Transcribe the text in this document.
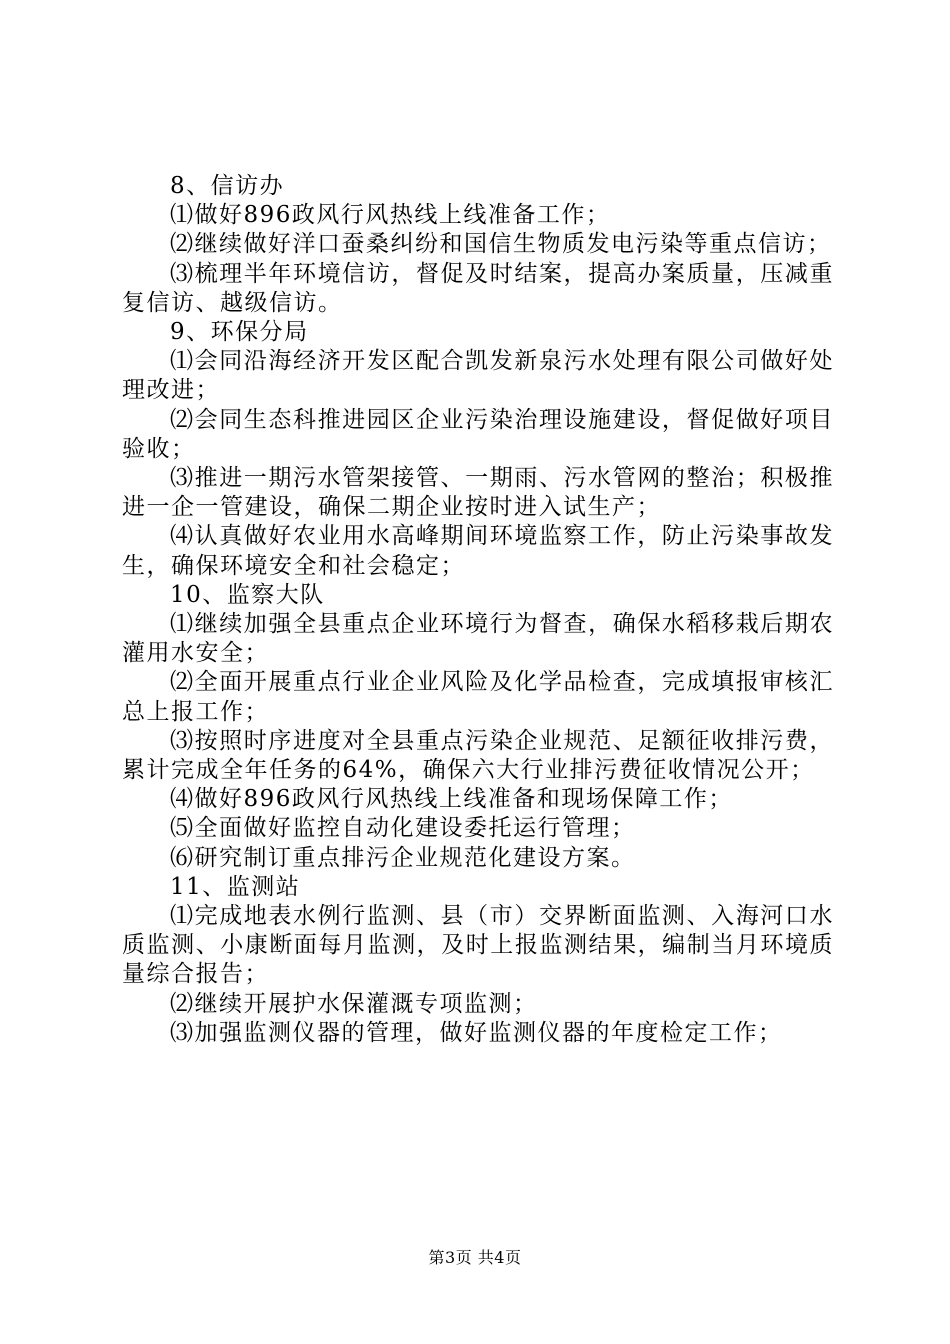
8、信访办

⑴做好896政风行风热线上线准备工作；

⑵继续做好洋口蚕桑纠纷和国信生物质发电污染等重点信访；

⑶梳理半年环境信访，督促及时结案，提高办案质量，压减重复信访、越级信访。

9、环保分局

⑴会同沿海经济开发区配合凯发新泉污水处理有限公司做好处理改进；

⑵会同生态科推进园区企业污染治理设施建设，督促做好项目验收；

⑶推进一期污水管架接管、一期雨、污水管网的整治；积极推进一企一管建设，确保二期企业按时进入试生产；

⑷认真做好农业用水高峰期间环境监察工作，防止污染事故发生，确保环境安全和社会稳定；

10、监察大队

⑴继续加强全县重点企业环境行为督查，确保水稻移栽后期农灌用水安全；

⑵全面开展重点行业企业风险及化学品检查，完成填报审核汇总上报工作；

⑶按照时序进度对全县重点污染企业规范、足额征收排污费，累计完成全年任务的64%，确保六大行业排污费征收情况公开；

⑷做好896政风行风热线上线准备和现场保障工作；

⑸全面做好监控自动化建设委托运行管理；

⑹研究制订重点排污企业规范化建设方案。

11、监测站

⑴完成地表水例行监测、县（市）交界断面监测、入海河口水质监测、小康断面每月监测，及时上报监测结果，编制当月环境质量综合报告；

⑵继续开展护水保灌溉专项监测；

⑶加强监测仪器的管理，做好监测仪器的年度检定工作；

第3页 共4页
